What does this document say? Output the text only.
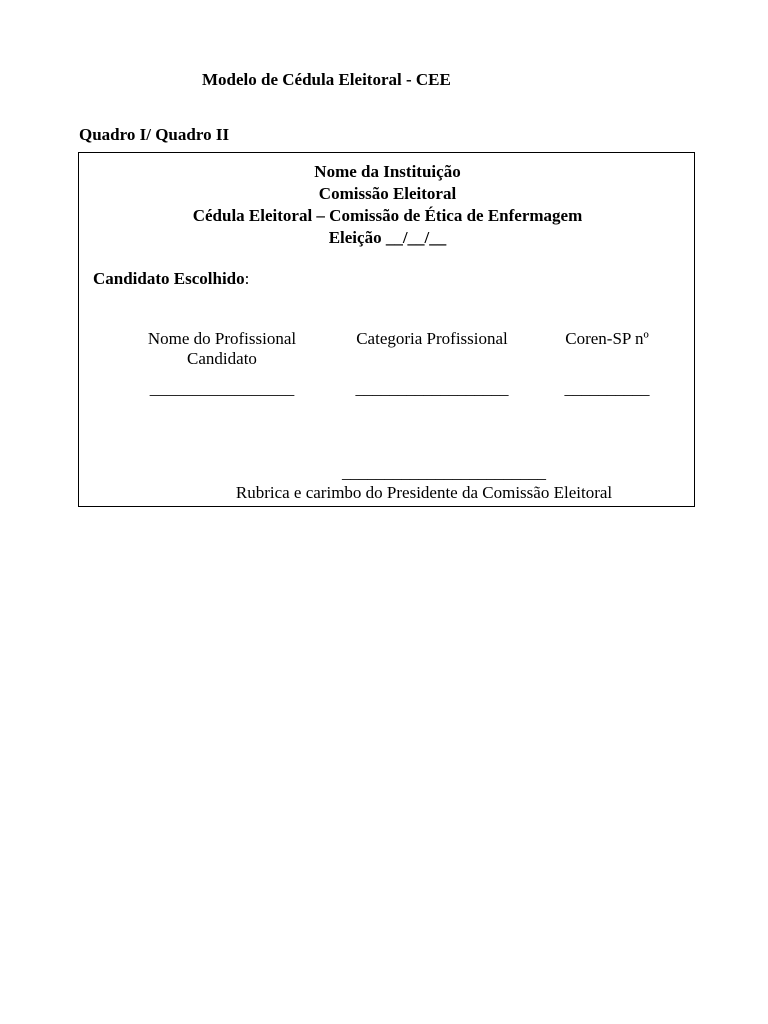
Modelo de Cédula Eleitoral - CEE
Quadro I/ Quadro II
Nome da Instituição
Comissão Eleitoral
Cédula Eleitoral – Comissão de Ética de Enfermagem
Eleição __/__/__
Candidato Escolhido:
Nome do Profissional Candidato
_________________
Categoria Profissional
__________________
Coren-SP nº
__________
________________________
Rubrica e carimbo do Presidente da Comissão Eleitoral
